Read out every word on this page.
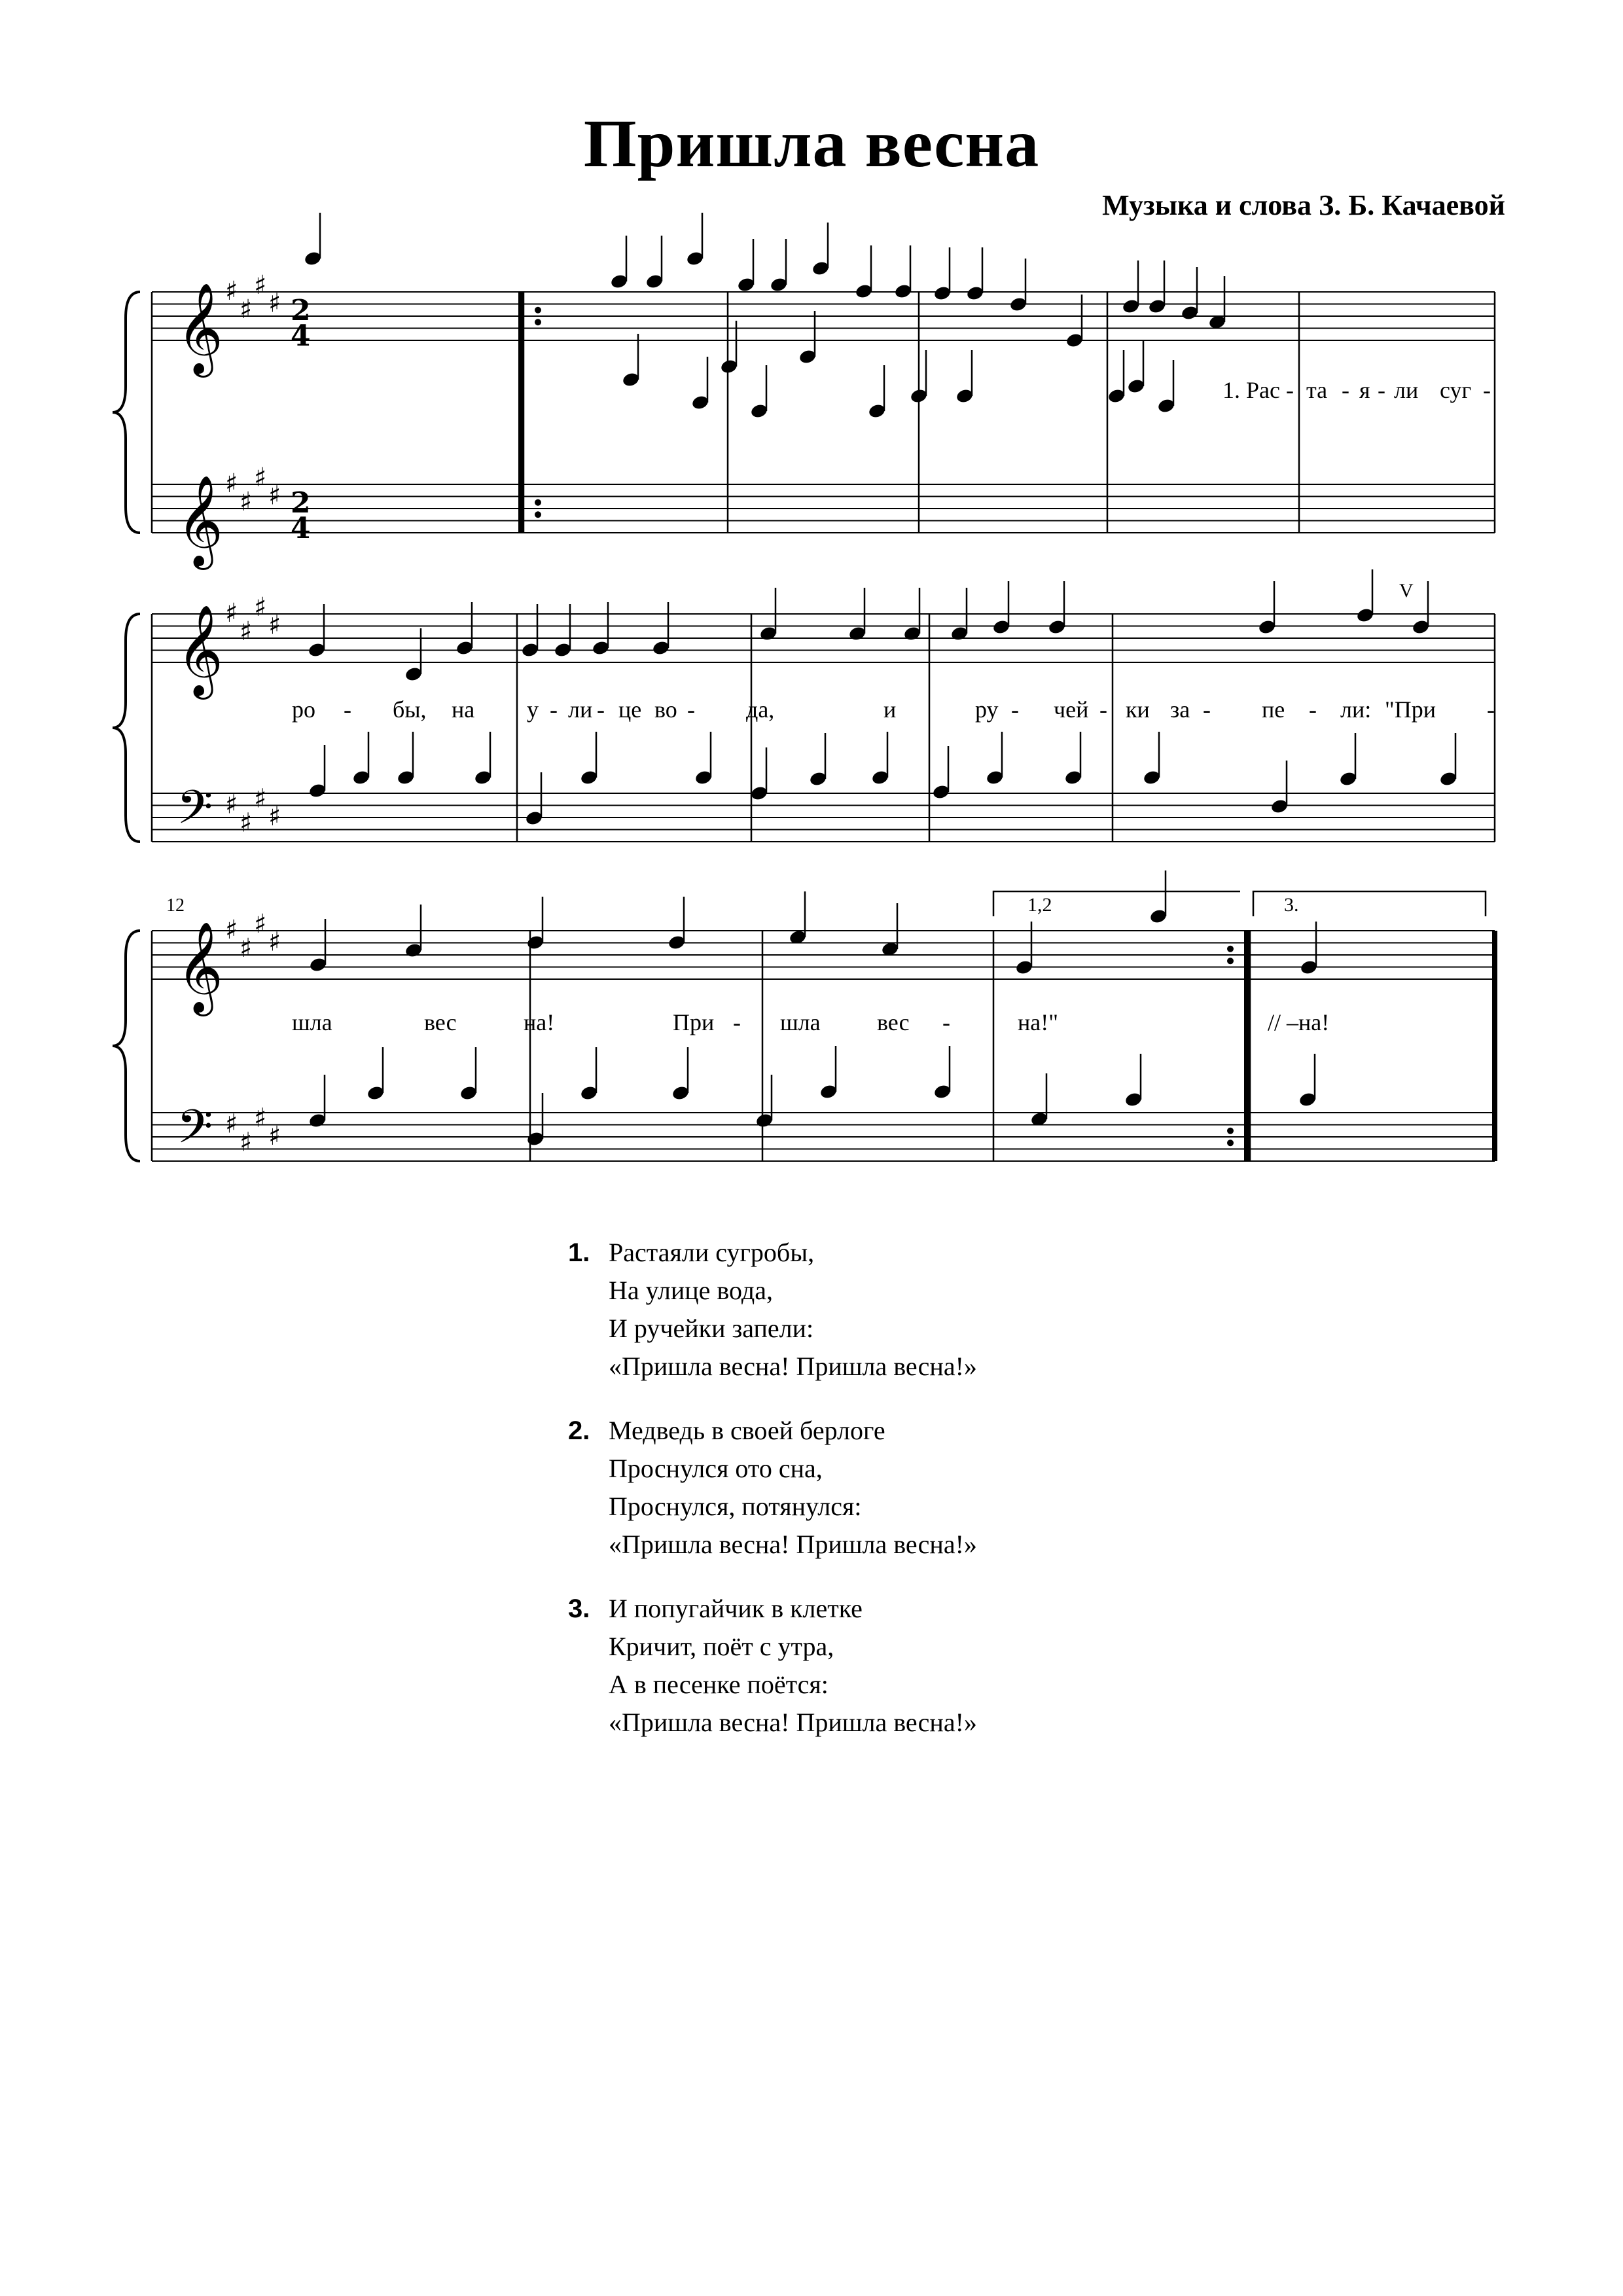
Пришла весна
Музыка и слова З. Б. Качаевой
𝄞
𝄞
♯
♯
♯
♯
♯
♯
♯
♯
2
4
2
4
𝄞
𝄢
♯
♯
♯
♯
♯
♯
♯
♯
𝄞
𝄢
♯
♯
♯
♯
♯
♯
♯
♯
1. Рас - та - я - ли суг -
ро - бы, на у - ли - це во - да,	и	ру - чей - ки за - пе - ли: "При -
шла	вес	на!	При - шла вес -	на!"	// –на!
12	1,2	3.
V
1. Растаяли сугробы,
На улице вода,
И ручейки запели:
«Пришла весна! Пришла весна!»
2. Медведь в своей берлоге
Проснулся ото сна,
Проснулся, потянулся:
«Пришла весна! Пришла весна!»
3. И попугайчик в клетке
Кричит, поёт с утра,
А в песенке поётся:
«Пришла весна! Пришла весна!»
